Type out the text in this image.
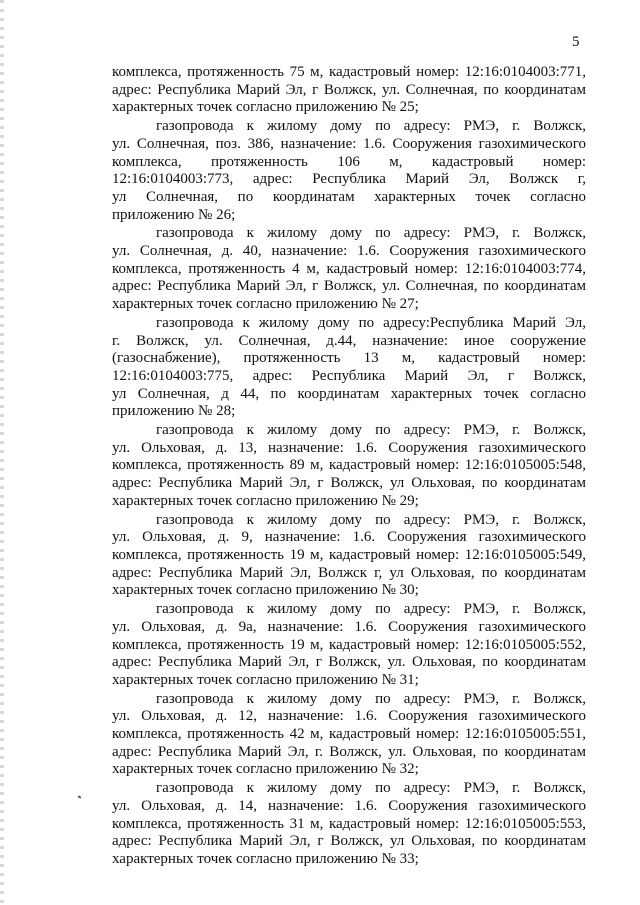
5
комплекса, протяженность 75 м, кадастровый номер: 12:16:0104003:771,
адрес: Республика Марий Эл, г Волжск, ул. Солнечная, по координатам
характерных точек согласно приложению № 25;
газопровода к жилому дому по адресу: РМЭ, г. Волжск,
ул. Солнечная, поз. 386, назначение: 1.6. Сооружения газохимического
комплекса, протяженность 106 м, кадастровый номер:
12:16:0104003:773, адрес: Республика Марий Эл, Волжск г,
ул Солнечная, по координатам характерных точек согласно
приложению № 26;
газопровода к жилому дому по адресу: РМЭ, г. Волжск,
ул. Солнечная, д. 40, назначение: 1.6. Сооружения газохимического
комплекса, протяженность 4 м, кадастровый номер: 12:16:0104003:774,
адрес: Республика Марий Эл, г Волжск, ул. Солнечная, по координатам
характерных точек согласно приложению № 27;
газопровода к жилому дому по адресу:Республика Марий Эл,
г. Волжск, ул. Солнечная, д.44, назначение: иное сооружение
(газоснабжение), протяженность 13 м, кадастровый номер:
12:16:0104003:775, адрес: Республика Марий Эл, г Волжск,
ул Солнечная, д 44, по координатам характерных точек согласно
приложению № 28;
газопровода к жилому дому по адресу: РМЭ, г. Волжск,
ул. Ольховая, д. 13, назначение: 1.6. Сооружения газохимического
комплекса, протяженность 89 м, кадастровый номер: 12:16:0105005:548,
адрес: Республика Марий Эл, г Волжск, ул Ольховая, по координатам
характерных точек согласно приложению № 29;
газопровода к жилому дому по адресу: РМЭ, г. Волжск,
ул. Ольховая, д. 9, назначение: 1.6. Сооружения газохимического
комплекса, протяженность 19 м, кадастровый номер: 12:16:0105005:549,
адрес: Республика Марий Эл, Волжск г, ул Ольховая, по координатам
характерных точек согласно приложению № 30;
газопровода к жилому дому по адресу: РМЭ, г. Волжск,
ул. Ольховая, д. 9а, назначение: 1.6. Сооружения газохимического
комплекса, протяженность 19 м, кадастровый номер: 12:16:0105005:552,
адрес: Республика Марий Эл, г Волжск, ул. Ольховая, по координатам
характерных точек согласно приложению № 31;
газопровода к жилому дому по адресу: РМЭ, г. Волжск,
ул. Ольховая, д. 12, назначение: 1.6. Сооружения газохимического
комплекса, протяженность 42 м, кадастровый номер: 12:16:0105005:551,
адрес: Республика Марий Эл, г. Волжск, ул. Ольховая, по координатам
характерных точек согласно приложению № 32;
газопровода к жилому дому по адресу: РМЭ, г. Волжск,
ул. Ольховая, д. 14, назначение: 1.6. Сооружения газохимического
комплекса, протяженность 31 м, кадастровый номер: 12:16:0105005:553,
адрес: Республика Марий Эл, г Волжск, ул Ольховая, по координатам
характерных точек согласно приложению № 33;
